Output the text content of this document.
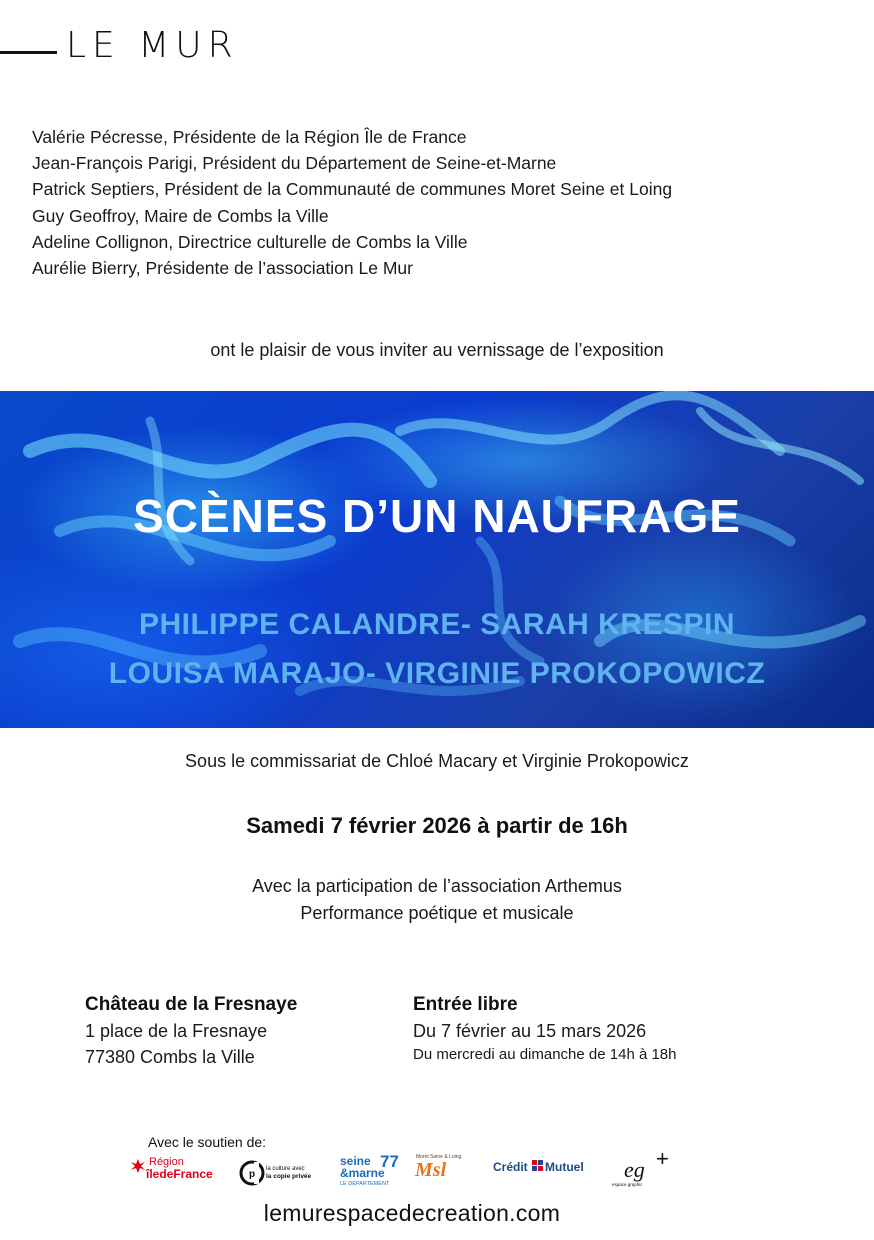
LE MUR
Valérie Pécresse, Présidente de la Région Île de France
Jean-François Parigi, Président du Département de Seine-et-Marne
Patrick Septiers, Président de la Communauté de communes Moret Seine et Loing
Guy Geoffroy, Maire de Combs la Ville
Adeline Collignon, Directrice culturelle de Combs la Ville
Aurélie Bierry, Présidente de l’association Le Mur
ont le plaisir de vous inviter au vernissage de l’exposition
SCÈNES D’UN NAUFRAGE
PHILIPPE CALANDRE- SARAH KRESPIN
LOUISA MARAJO- VIRGINIE PROKOPOWICZ
Sous le commissariat de Chloé Macary et Virginie Prokopowicz
Samedi 7 février 2026 à partir de 16h
Avec la participation de l’association Arthemus
Performance poétique et musicale
Château de la Fresnaye
1 place de la Fresnaye
77380 Combs la Ville
Entrée libre
Du 7 février au 15 mars 2026
Du mercredi au dimanche de 14h à 18h
Avec le soutien de:
Région
îledeFrance	p la culture avec
la copie privée
seine
&marne
77
LE DÉPARTEMENT
Msl
Moret Seine & Loing
Crédit Mutuel eg +
espace graphic
lemurespacedecreation.com
